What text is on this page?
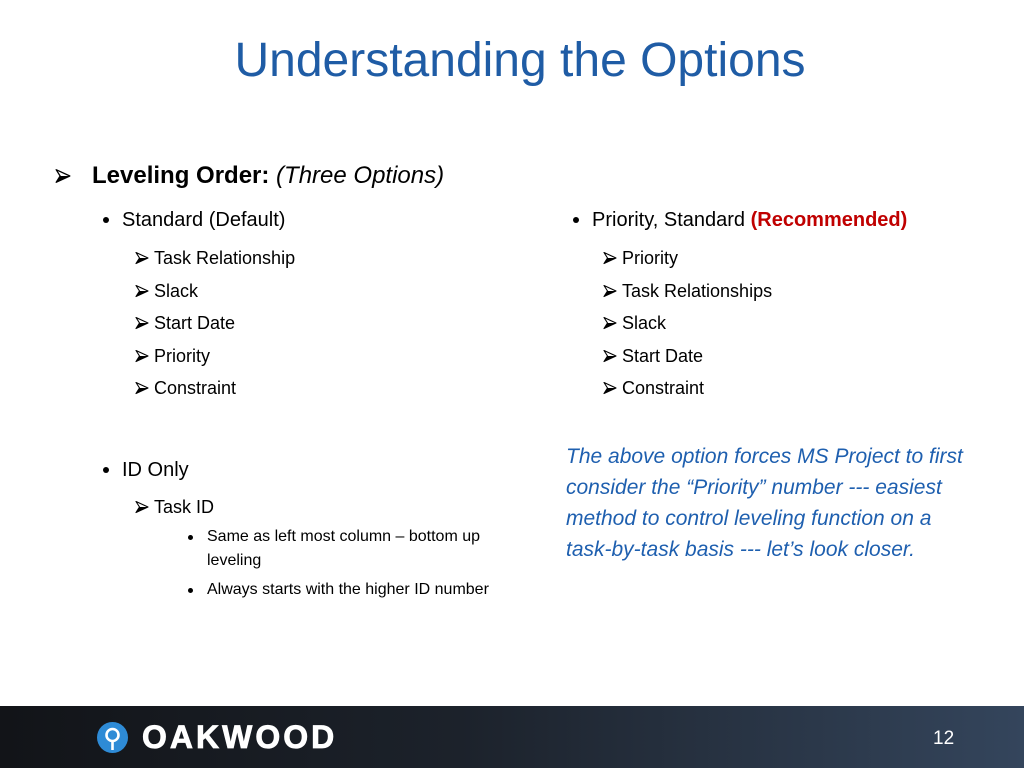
Understanding the Options
Leveling Order: (Three Options)
Standard (Default)
Task Relationship
Slack
Start Date
Priority
Constraint
ID Only
Task ID
Same as left most column – bottom up leveling
Always starts with the higher ID number
Priority, Standard (Recommended)
Priority
Task Relationships
Slack
Start Date
Constraint

The above option forces MS Project to first consider the “Priority” number --- easiest method to control leveling function on a task-by-task basis --- let’s look closer.

OAKWOOD	12
